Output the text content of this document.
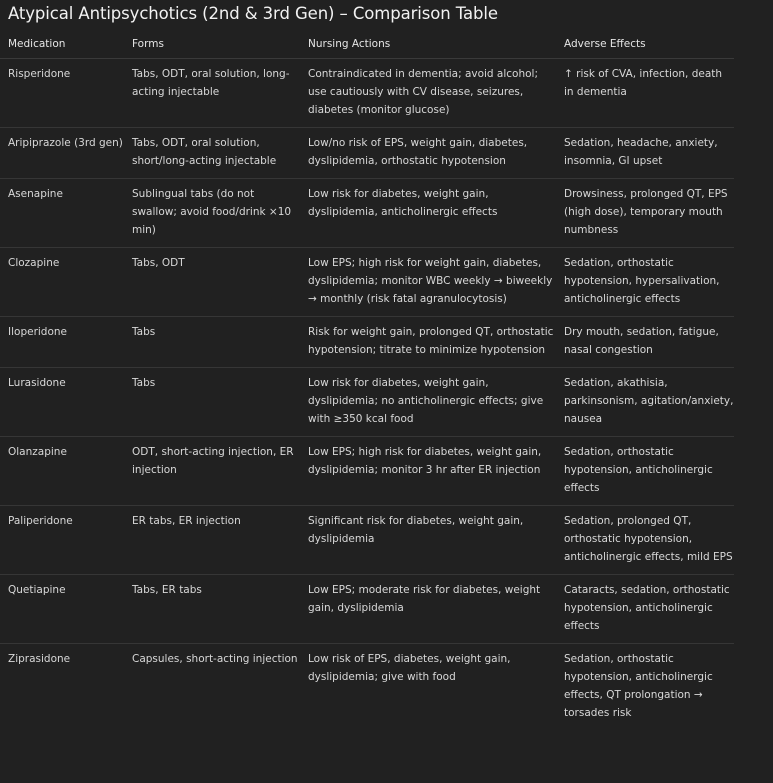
Atypical Antipsychotics (2nd & 3rd Gen) – Comparison Table
Medication	Forms	Nursing Actions	Adverse Effects
Risperidone	Tabs, ODT, oral solution, long-acting injectable	Contraindicated in dementia; avoid alcohol; use cautiously with CV disease, seizures, diabetes (monitor glucose)	↑ risk of CVA, infection, death in dementia
Aripiprazole (3rd gen)	Tabs, ODT, oral solution, short/long-acting injectable	Low/no risk of EPS, weight gain, diabetes, dyslipidemia, orthostatic hypotension	Sedation, headache, anxiety, insomnia, GI upset
Asenapine	Sublingual tabs (do not swallow; avoid food/drink ×10 min)	Low risk for diabetes, weight gain, dyslipidemia, anticholinergic effects	Drowsiness, prolonged QT, EPS (high dose), temporary mouth numbness
Clozapine	Tabs, ODT	Low EPS; high risk for weight gain, diabetes, dyslipidemia; monitor WBC weekly → biweekly → monthly (risk fatal agranulocytosis)	Sedation, orthostatic hypotension, hypersalivation, anticholinergic effects
Iloperidone	Tabs	Risk for weight gain, prolonged QT, orthostatic hypotension; titrate to minimize hypotension	Dry mouth, sedation, fatigue, nasal congestion
Lurasidone	Tabs	Low risk for diabetes, weight gain, dyslipidemia; no anticholinergic effects; give with ≥350 kcal food	Sedation, akathisia, parkinsonism, agitation/anxiety, nausea
Olanzapine	ODT, short-acting injection, ER injection	Low EPS; high risk for diabetes, weight gain, dyslipidemia; monitor 3 hr after ER injection	Sedation, orthostatic hypotension, anticholinergic effects
Paliperidone	ER tabs, ER injection	Significant risk for diabetes, weight gain, dyslipidemia	Sedation, prolonged QT, orthostatic hypotension, anticholinergic effects, mild EPS
Quetiapine	Tabs, ER tabs	Low EPS; moderate risk for diabetes, weight gain, dyslipidemia	Cataracts, sedation, orthostatic hypotension, anticholinergic effects
Ziprasidone	Capsules, short-acting injection	Low risk of EPS, diabetes, weight gain, dyslipidemia; give with food	Sedation, orthostatic hypotension, anticholinergic effects, QT prolongation → torsades risk
